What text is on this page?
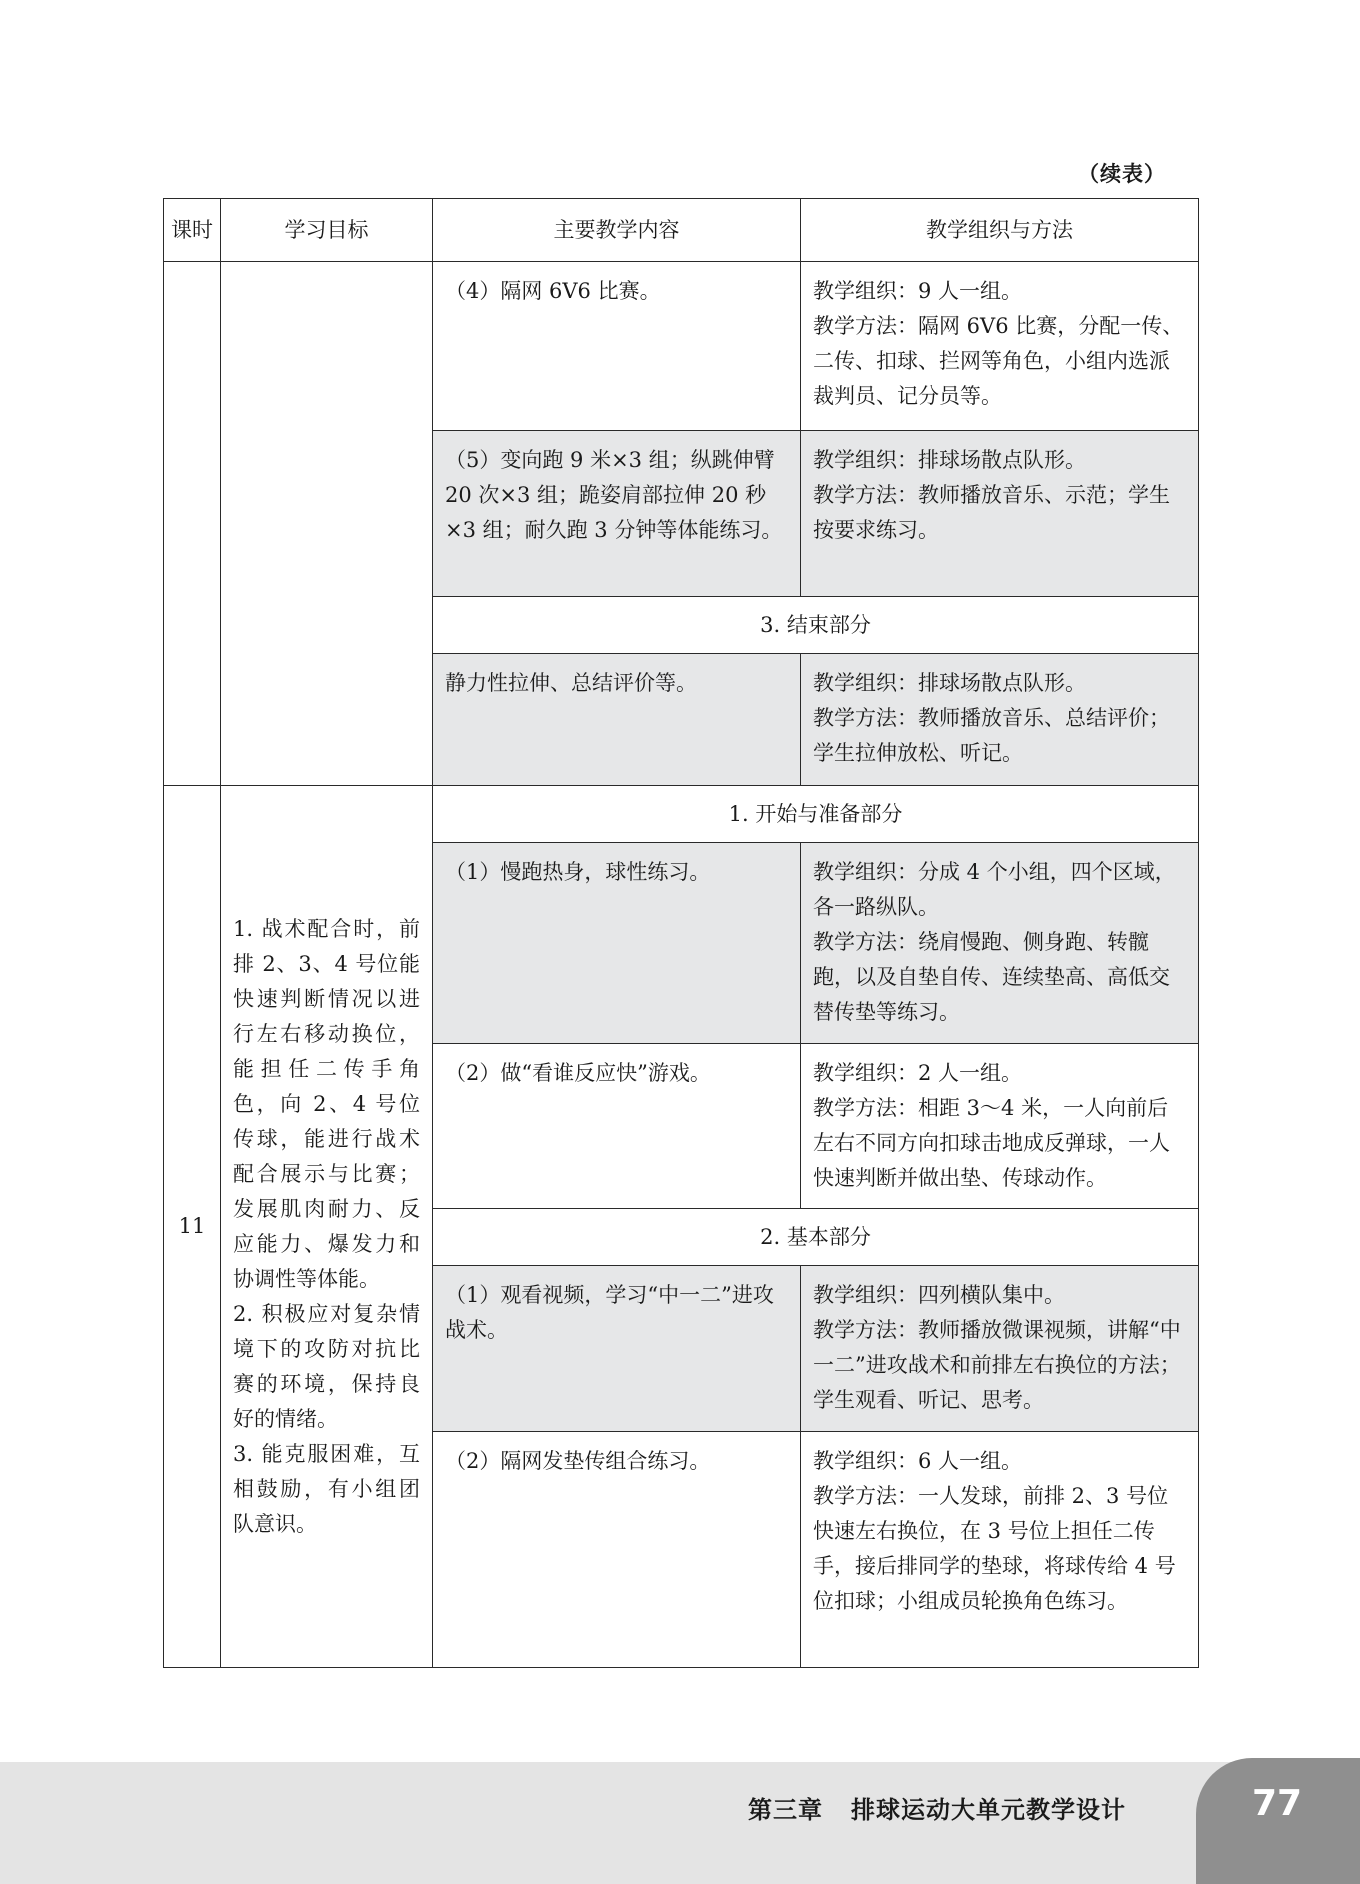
（续表）
课时	学习目标	主要教学内容	教学组织与方法
		（4）隔网 6V6 比赛。	教学组织：9 人一组。
教学方法：隔网 6V6 比赛，分配一传、二传、扣球、拦网等角色，小组内选派裁判员、记分员等。

		（5）变向跑 9 米×3 组；纵跳伸臂 20 次×3 组；跪姿肩部拉伸 20 秒×3 组；耐久跑 3 分钟等体能练习。	教学组织：排球场散点队形。
教学方法：教师播放音乐、示范；学生按要求练习。

		3. 结束部分	
		静力性拉伸、总结评价等。	教学组织：排球场散点队形。
教学方法：教师播放音乐、总结评价；学生拉伸放松、听记。

11	1. 战术配合时，前排 2、3、4 号位能快速判断情况以进行左右移动换位，能担任二传手角色，向 2、4 号位传球，能进行战术配合展示与比赛；发展肌肉耐力、反应能力、爆发力和协调性等体能。
2. 积极应对复杂情境下的攻防对抗比赛的环境，保持良好的情绪。
3. 能克服困难，互相鼓励，有小组团队意识。	1. 开始与准备部分	
		（1）慢跑热身，球性练习。	教学组织：分成 4 个小组，四个区域，各一路纵队。
教学方法：绕肩慢跑、侧身跑、转髋跑，以及自垫自传、连续垫高、高低交替传垫等练习。

		（2）做“看谁反应快”游戏。	教学组织：2 人一组。
教学方法：相距 3～4 米，一人向前后左右不同方向扣球击地成反弹球，一人快速判断并做出垫、传球动作。

		2. 基本部分	
		（1）观看视频，学习“中一二”进攻战术。	教学组织：四列横队集中。
教学方法：教师播放微课视频，讲解“中一二”进攻战术和前排左右换位的方法；学生观看、听记、思考。

		（2）隔网发垫传组合练习。	教学组织：6 人一组。
教学方法：一人发球，前排 2、3 号位快速左右换位，在 3 号位上担任二传手，接后排同学的垫球，将球传给 4 号位扣球；小组成员轮换角色练习。
第三章 排球运动大单元教学设计	77
